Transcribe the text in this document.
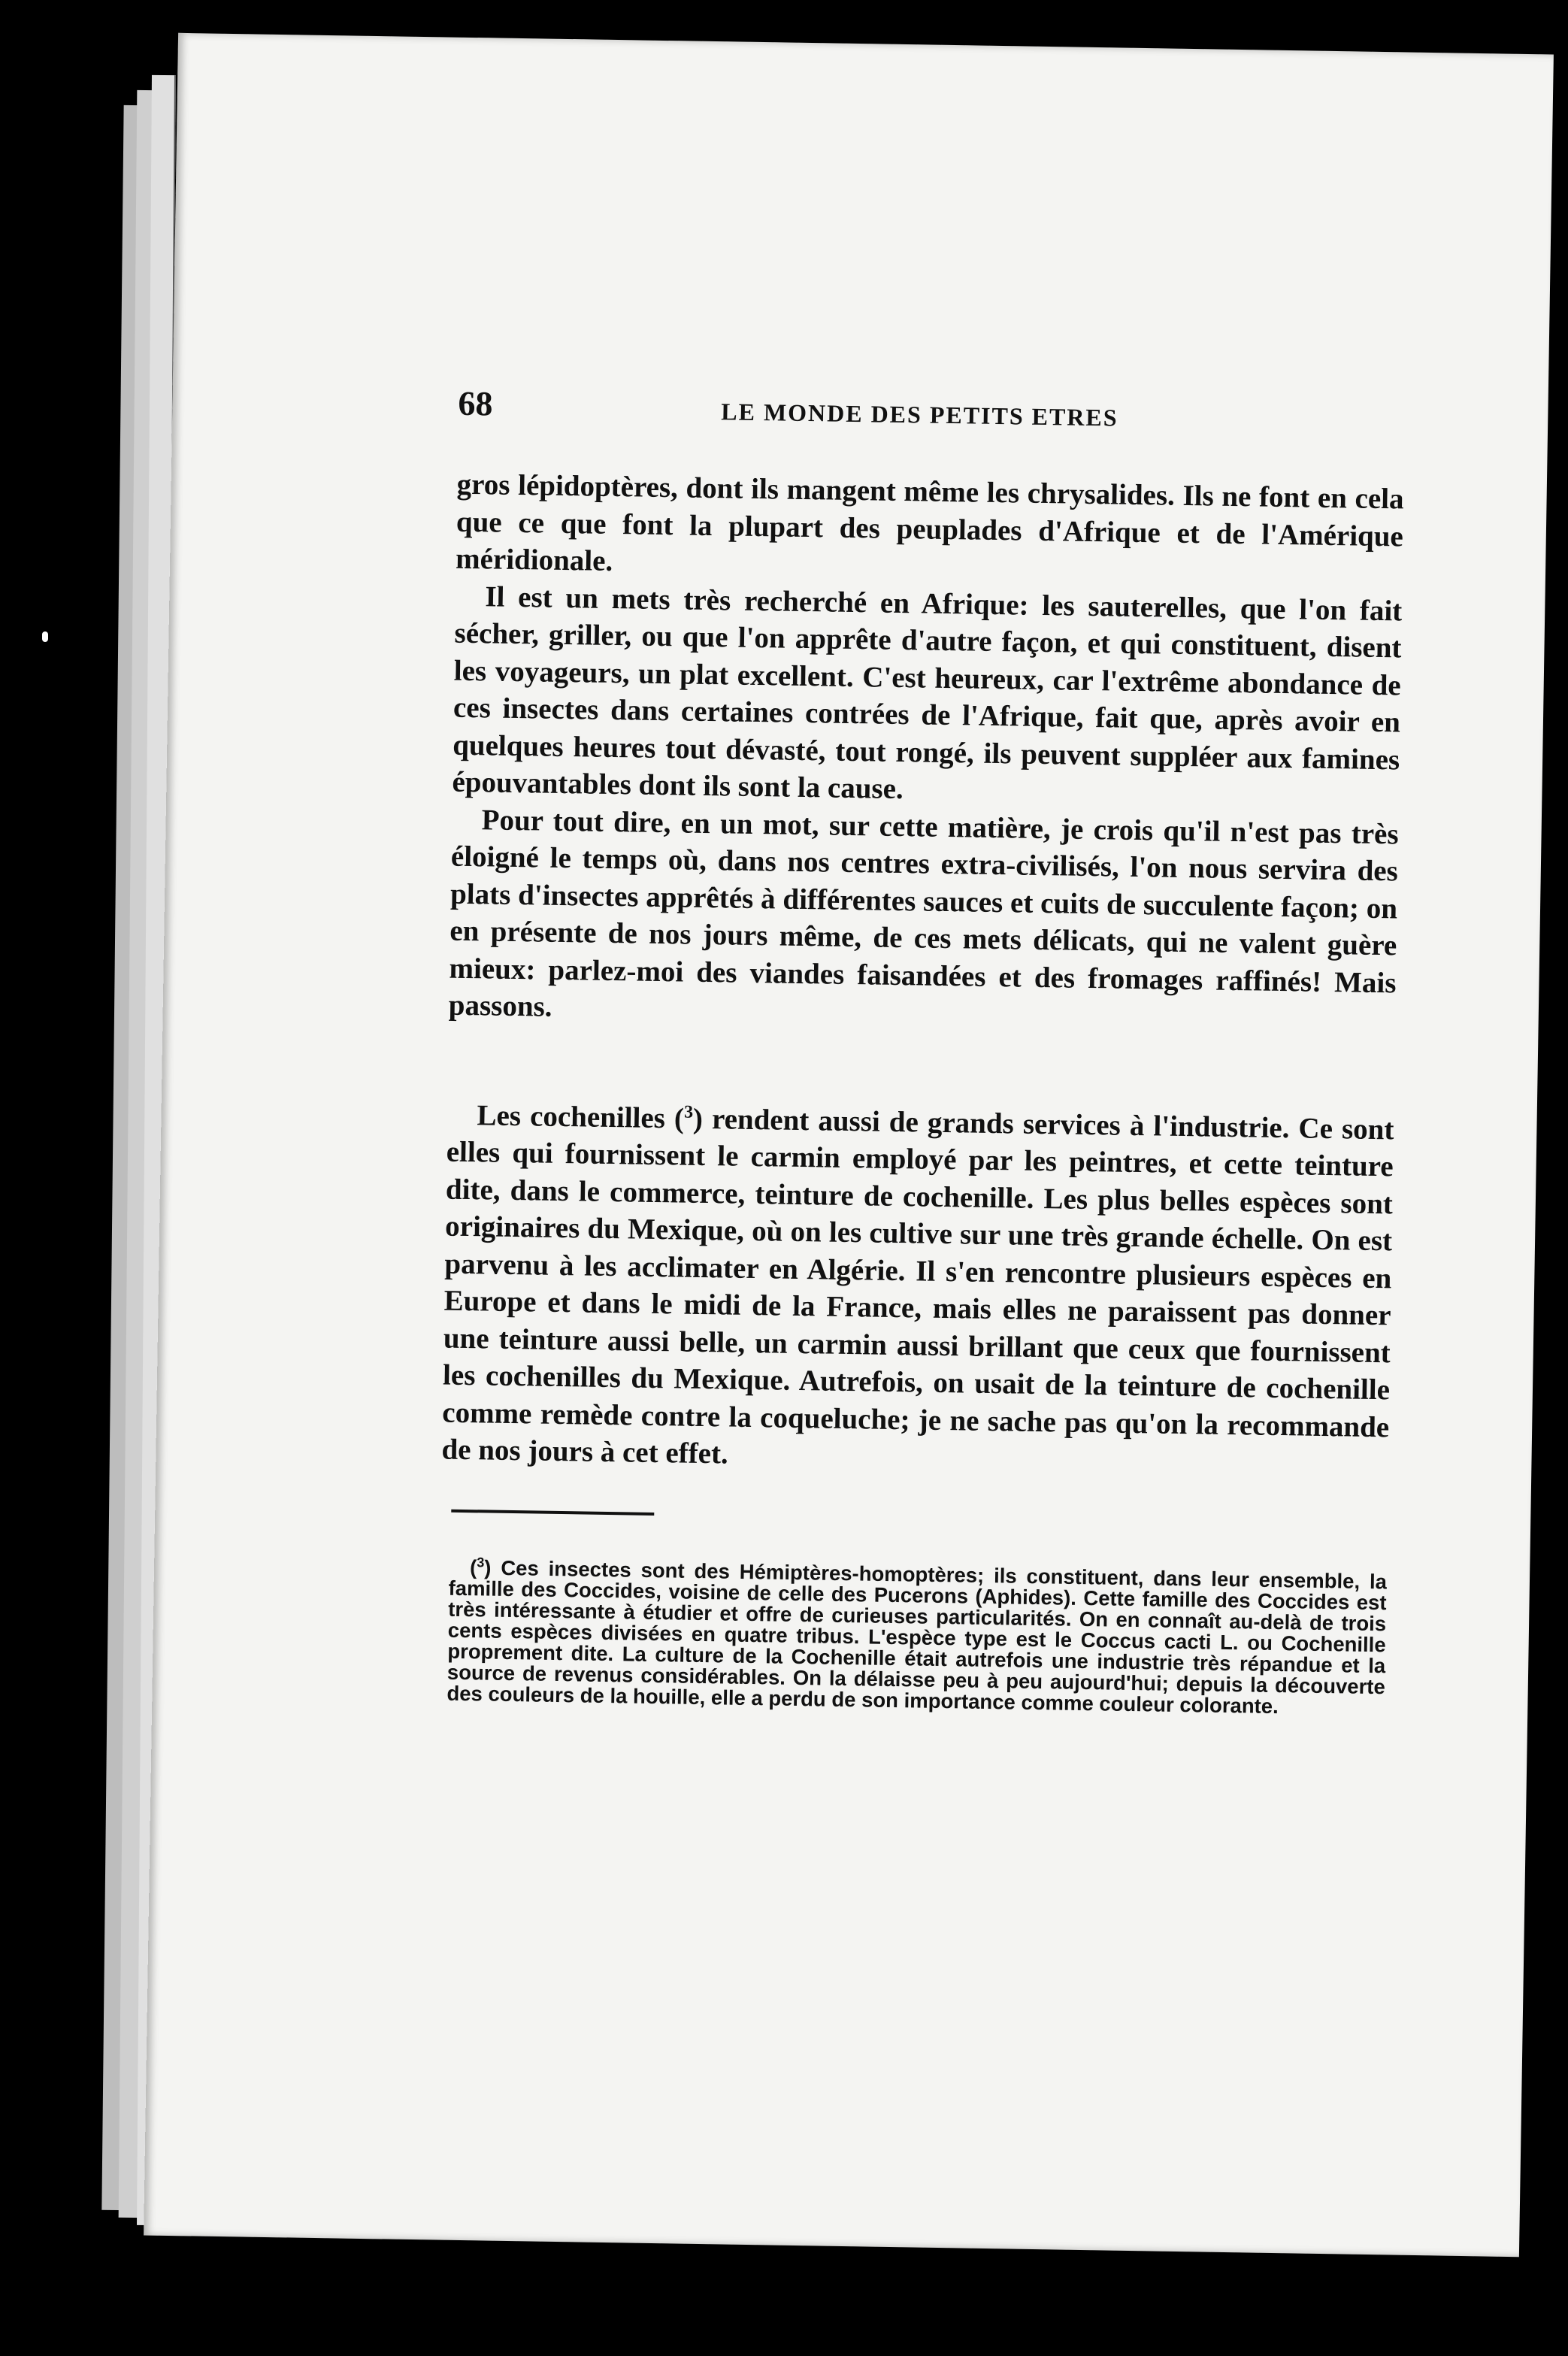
68	LE MONDE DES PETITS ETRES

gros lépidoptères, dont ils mangent même les chrysalides. Ils ne font en cela que ce que font la plupart des peuplades d'Afrique et de l'Amérique méridionale.

Il est un mets très recherché en Afrique: les sauterelles, que l'on fait sécher, griller, ou que l'on apprête d'autre façon, et qui constituent, disent les voyageurs, un plat excellent. C'est heureux, car l'extrême abondance de ces insectes dans certaines contrées de l'Afrique, fait que, après avoir en quelques heures tout dévasté, tout rongé, ils peuvent suppléer aux famines épouvantables dont ils sont la cause.

Pour tout dire, en un mot, sur cette matière, je crois qu'il n'est pas très éloigné le temps où, dans nos centres extra-civilisés, l'on nous servira des plats d'insectes apprêtés à différentes sauces et cuits de succulente façon; on en présente de nos jours même, de ces mets délicats, qui ne valent guère mieux: parlez-moi des viandes faisandées et des fromages raffinés! Mais passons.

Les cochenilles ($^3$) rendent aussi de grands services à l'industrie. Ce sont elles qui fournissent le carmin employé par les peintres, et cette teinture dite, dans le commerce, teinture de cochenille. Les plus belles espèces sont originaires du Mexique, où on les cultive sur une très grande échelle. On est parvenu à les acclimater en Algérie. Il s'en rencontre plusieurs espèces en Europe et dans le midi de la France, mais elles ne paraissent pas donner une teinture aussi belle, un carmin aussi brillant que ceux que fournissent les cochenilles du Mexique. Autrefois, on usait de la teinture de cochenille comme remède contre la coqueluche; je ne sache pas qu'on la recommande de nos jours à cet effet.

($^3$) Ces insectes sont des Hémiptères-homoptères; ils constituent, dans leur ensemble, la famille des Coccides, voisine de celle des Pucerons (Aphides). Cette famille des Coccides est très intéressante à étudier et offre de curieuses particularités. On en connaît au-delà de trois cents espèces divisées en quatre tribus. L'espèce type est le Coccus cacti L. ou Cochenille proprement dite. La culture de la Cochenille était autrefois une industrie très répandue et la source de revenus considérables. On la délaisse peu à peu aujourd'hui; depuis la découverte des couleurs de la houille, elle a perdu de son importance comme couleur colorante.
